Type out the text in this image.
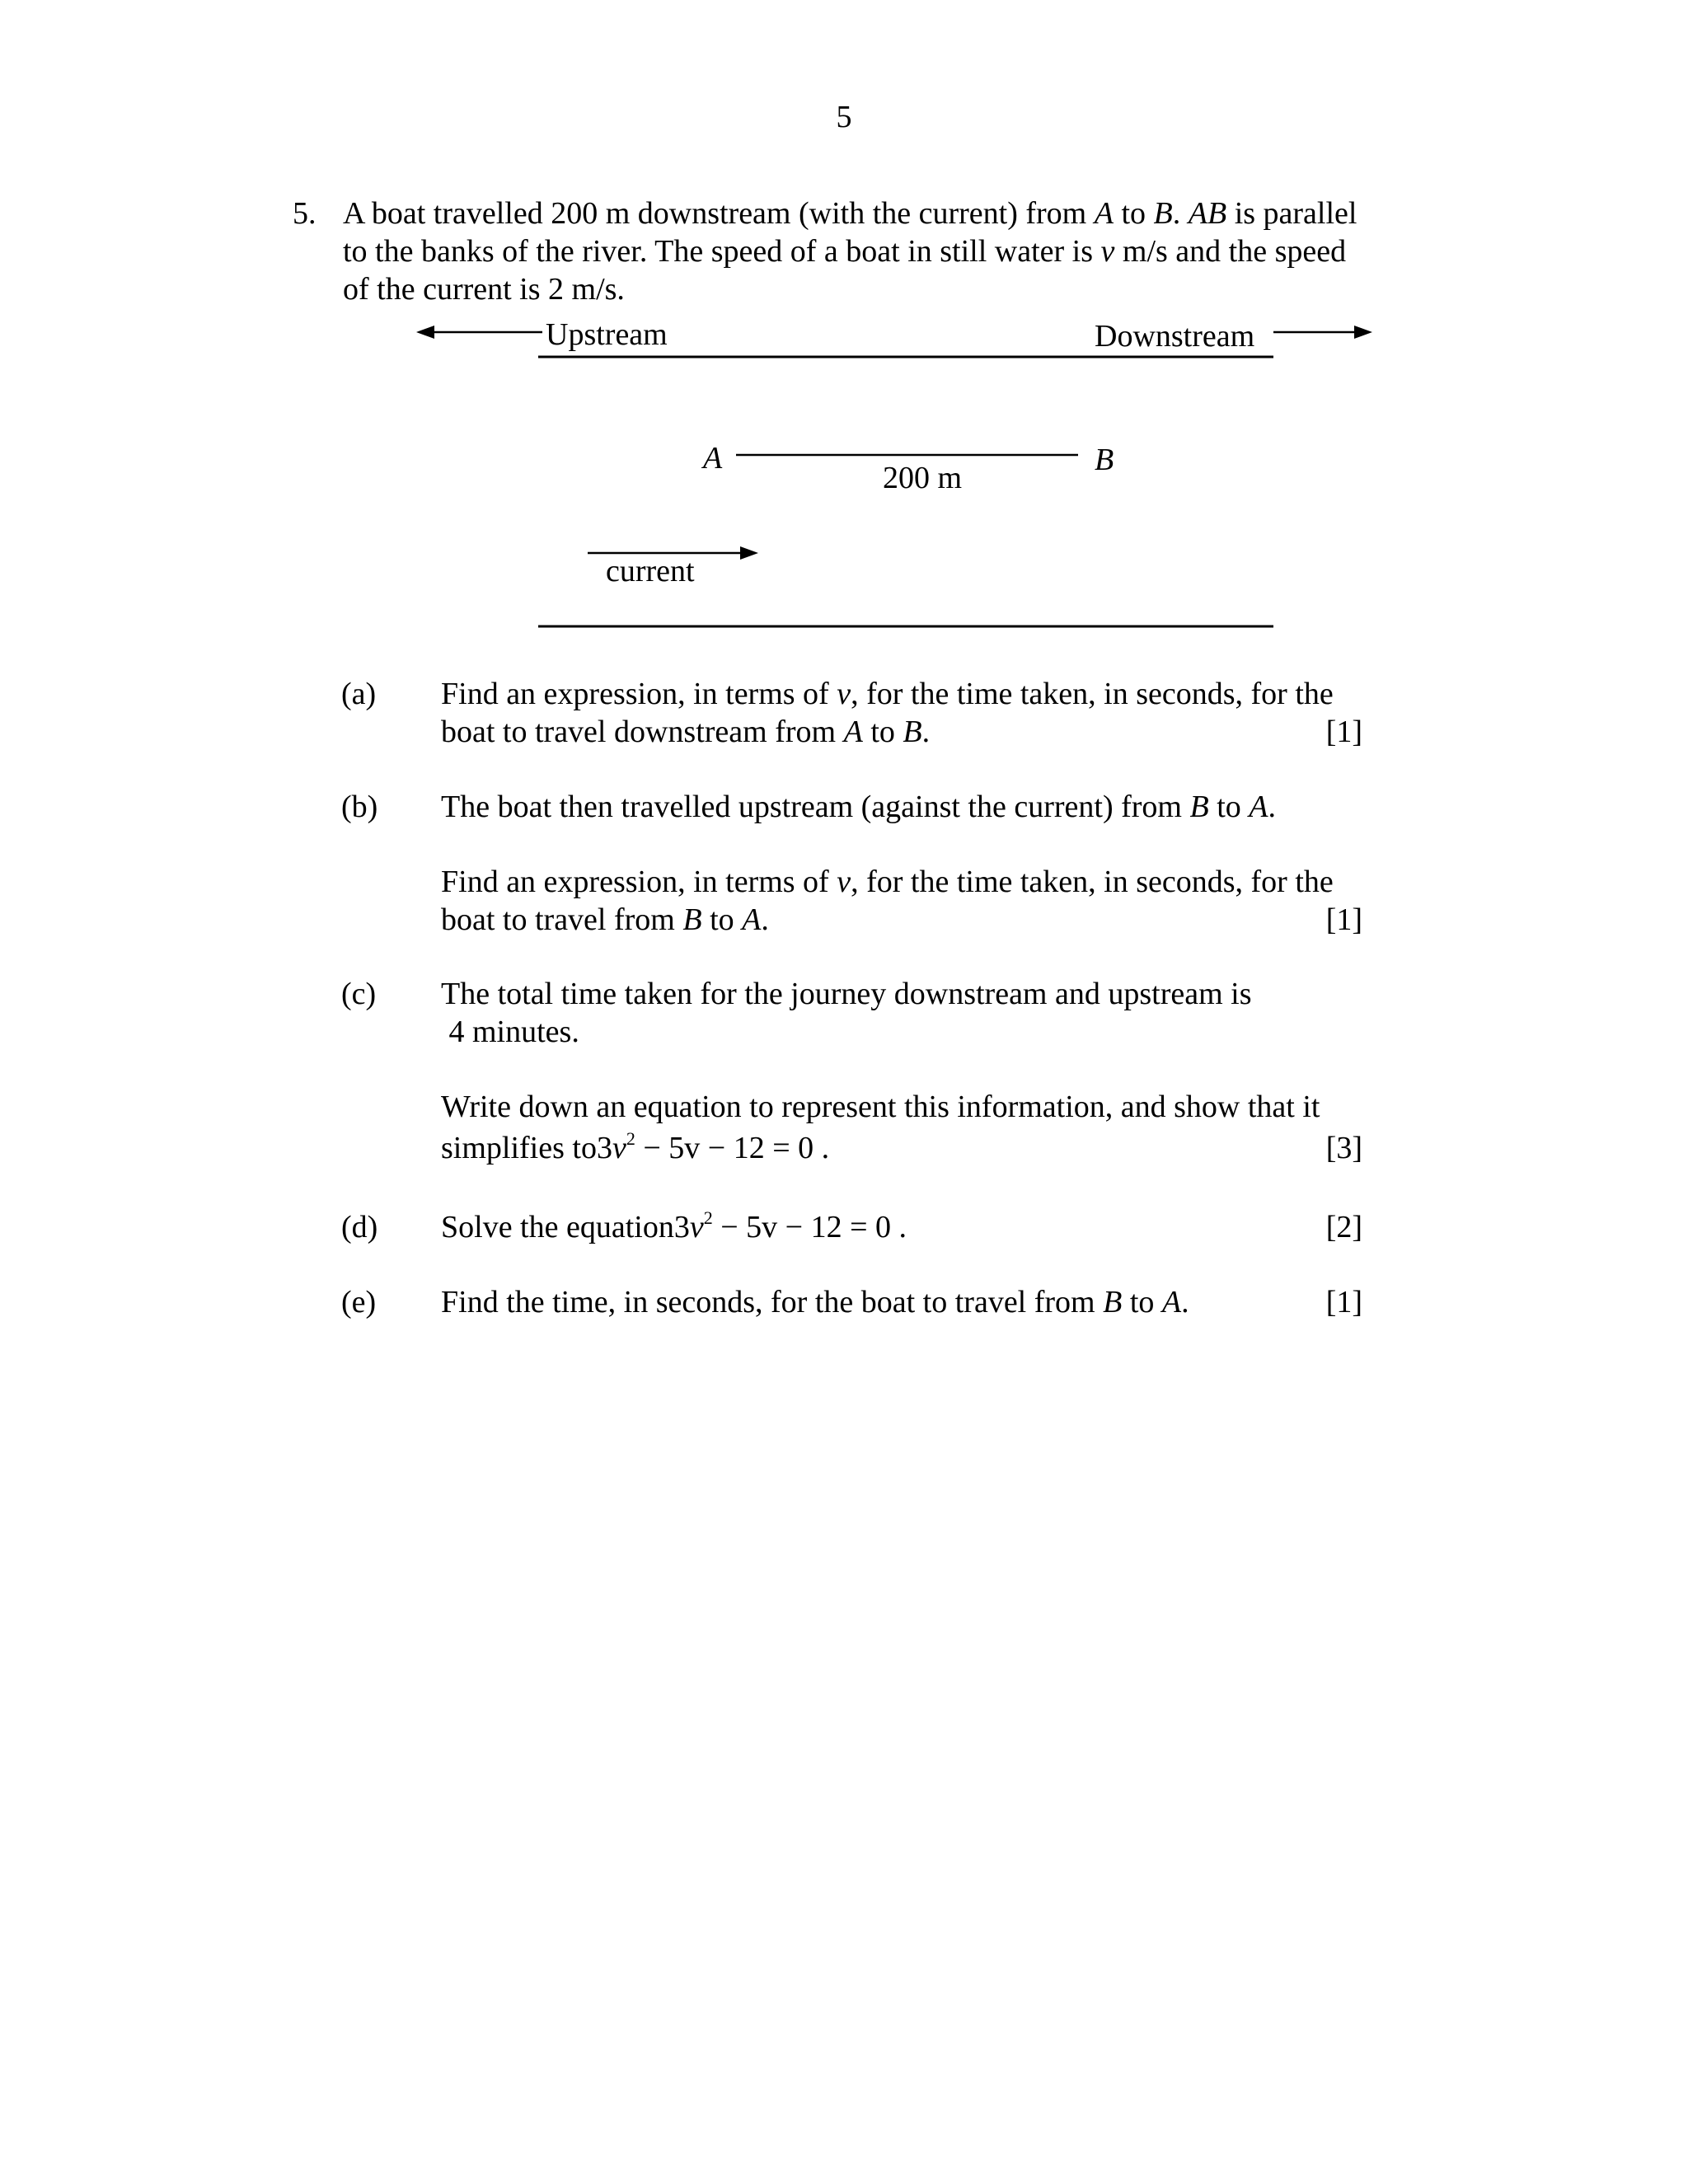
5
5. A boat travelled 200 m downstream (with the current) from A to B. AB is parallel
to the banks of the river. The speed of a boat in still water is v m/s and the speed
of the current is 2 m/s.
Upstream	Downstream
A	B
200 m
current
(a) Find an expression, in terms of v, for the time taken, in seconds, for the
boat to travel downstream from A to B.	[1]
(b) The boat then travelled upstream (against the current) from B to A.
Find an expression, in terms of v, for the time taken, in seconds, for the
boat to travel from B to A.	[1]
(c) The total time taken for the journey downstream and upstream is
4 minutes.
Write down an equation to represent this information, and show that it
simplifies $to3v^2 - 5v - 12 = 0$ .	[3]
(d) Solve the $equation3v^2 - 5v - 12 = 0$ .	[2]
(e) Find the time, in seconds, for the boat to travel from B to A.	[1]
